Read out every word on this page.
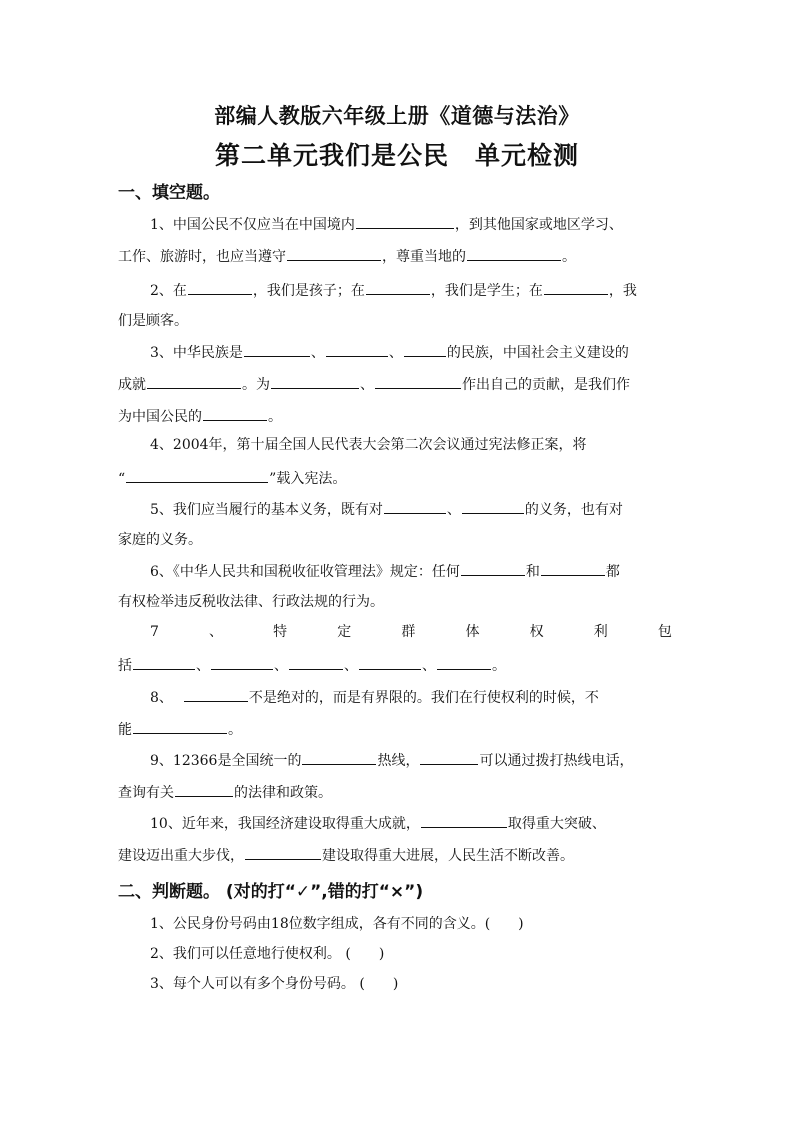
部编人教版六年级上册《道德与法治》
第二单元我们是公民 单元检测
一、填空题。
1、中国公民不仅应当在中国境内	，到其他国家或地区学习、
工作、旅游时，也应当遵守	，尊重当地的	。
2、在	，我们是孩子；在	，我们是学生；在	，我
们是顾客。
3、中华民族是	、	、	的民族，中国社会主义建设的
成就	。为	、	作出自己的贡献，是我们作
为中国公民的	。
4、2004年，第十届全国人民代表大会第二次会议通过宪法修正案，将
“	”载入宪法。
5、我们应当履行的基本义务，既有对	、	的义务，也有对
家庭的义务。
6、《中华人民共和国税收征收管理法》规定：任何	和	都
有权检举违反税收法律、行政法规的行为。
7	、	特	定	群	体	权	利	包
括	、	、	、	、	。
8、	不是绝对的，而是有界限的。我们在行使权利的时候，不
能	。
9、12366是全国统一的	热线，	可以通过拨打热线电话，
查询有关	的法律和政策。
10、近年来，我国经济建设取得重大成就，	取得重大突破、
建设迈出重大步伐，	建设取得重大进展，人民生活不断改善。
二、判断题。 (对的打“✓”,错的打“×”)
1、公民身份号码由18位数字组成，各有不同的含义。(　　)
2、我们可以任意地行使权利。 (　　)
3、每个人可以有多个身份号码。 (　　)
